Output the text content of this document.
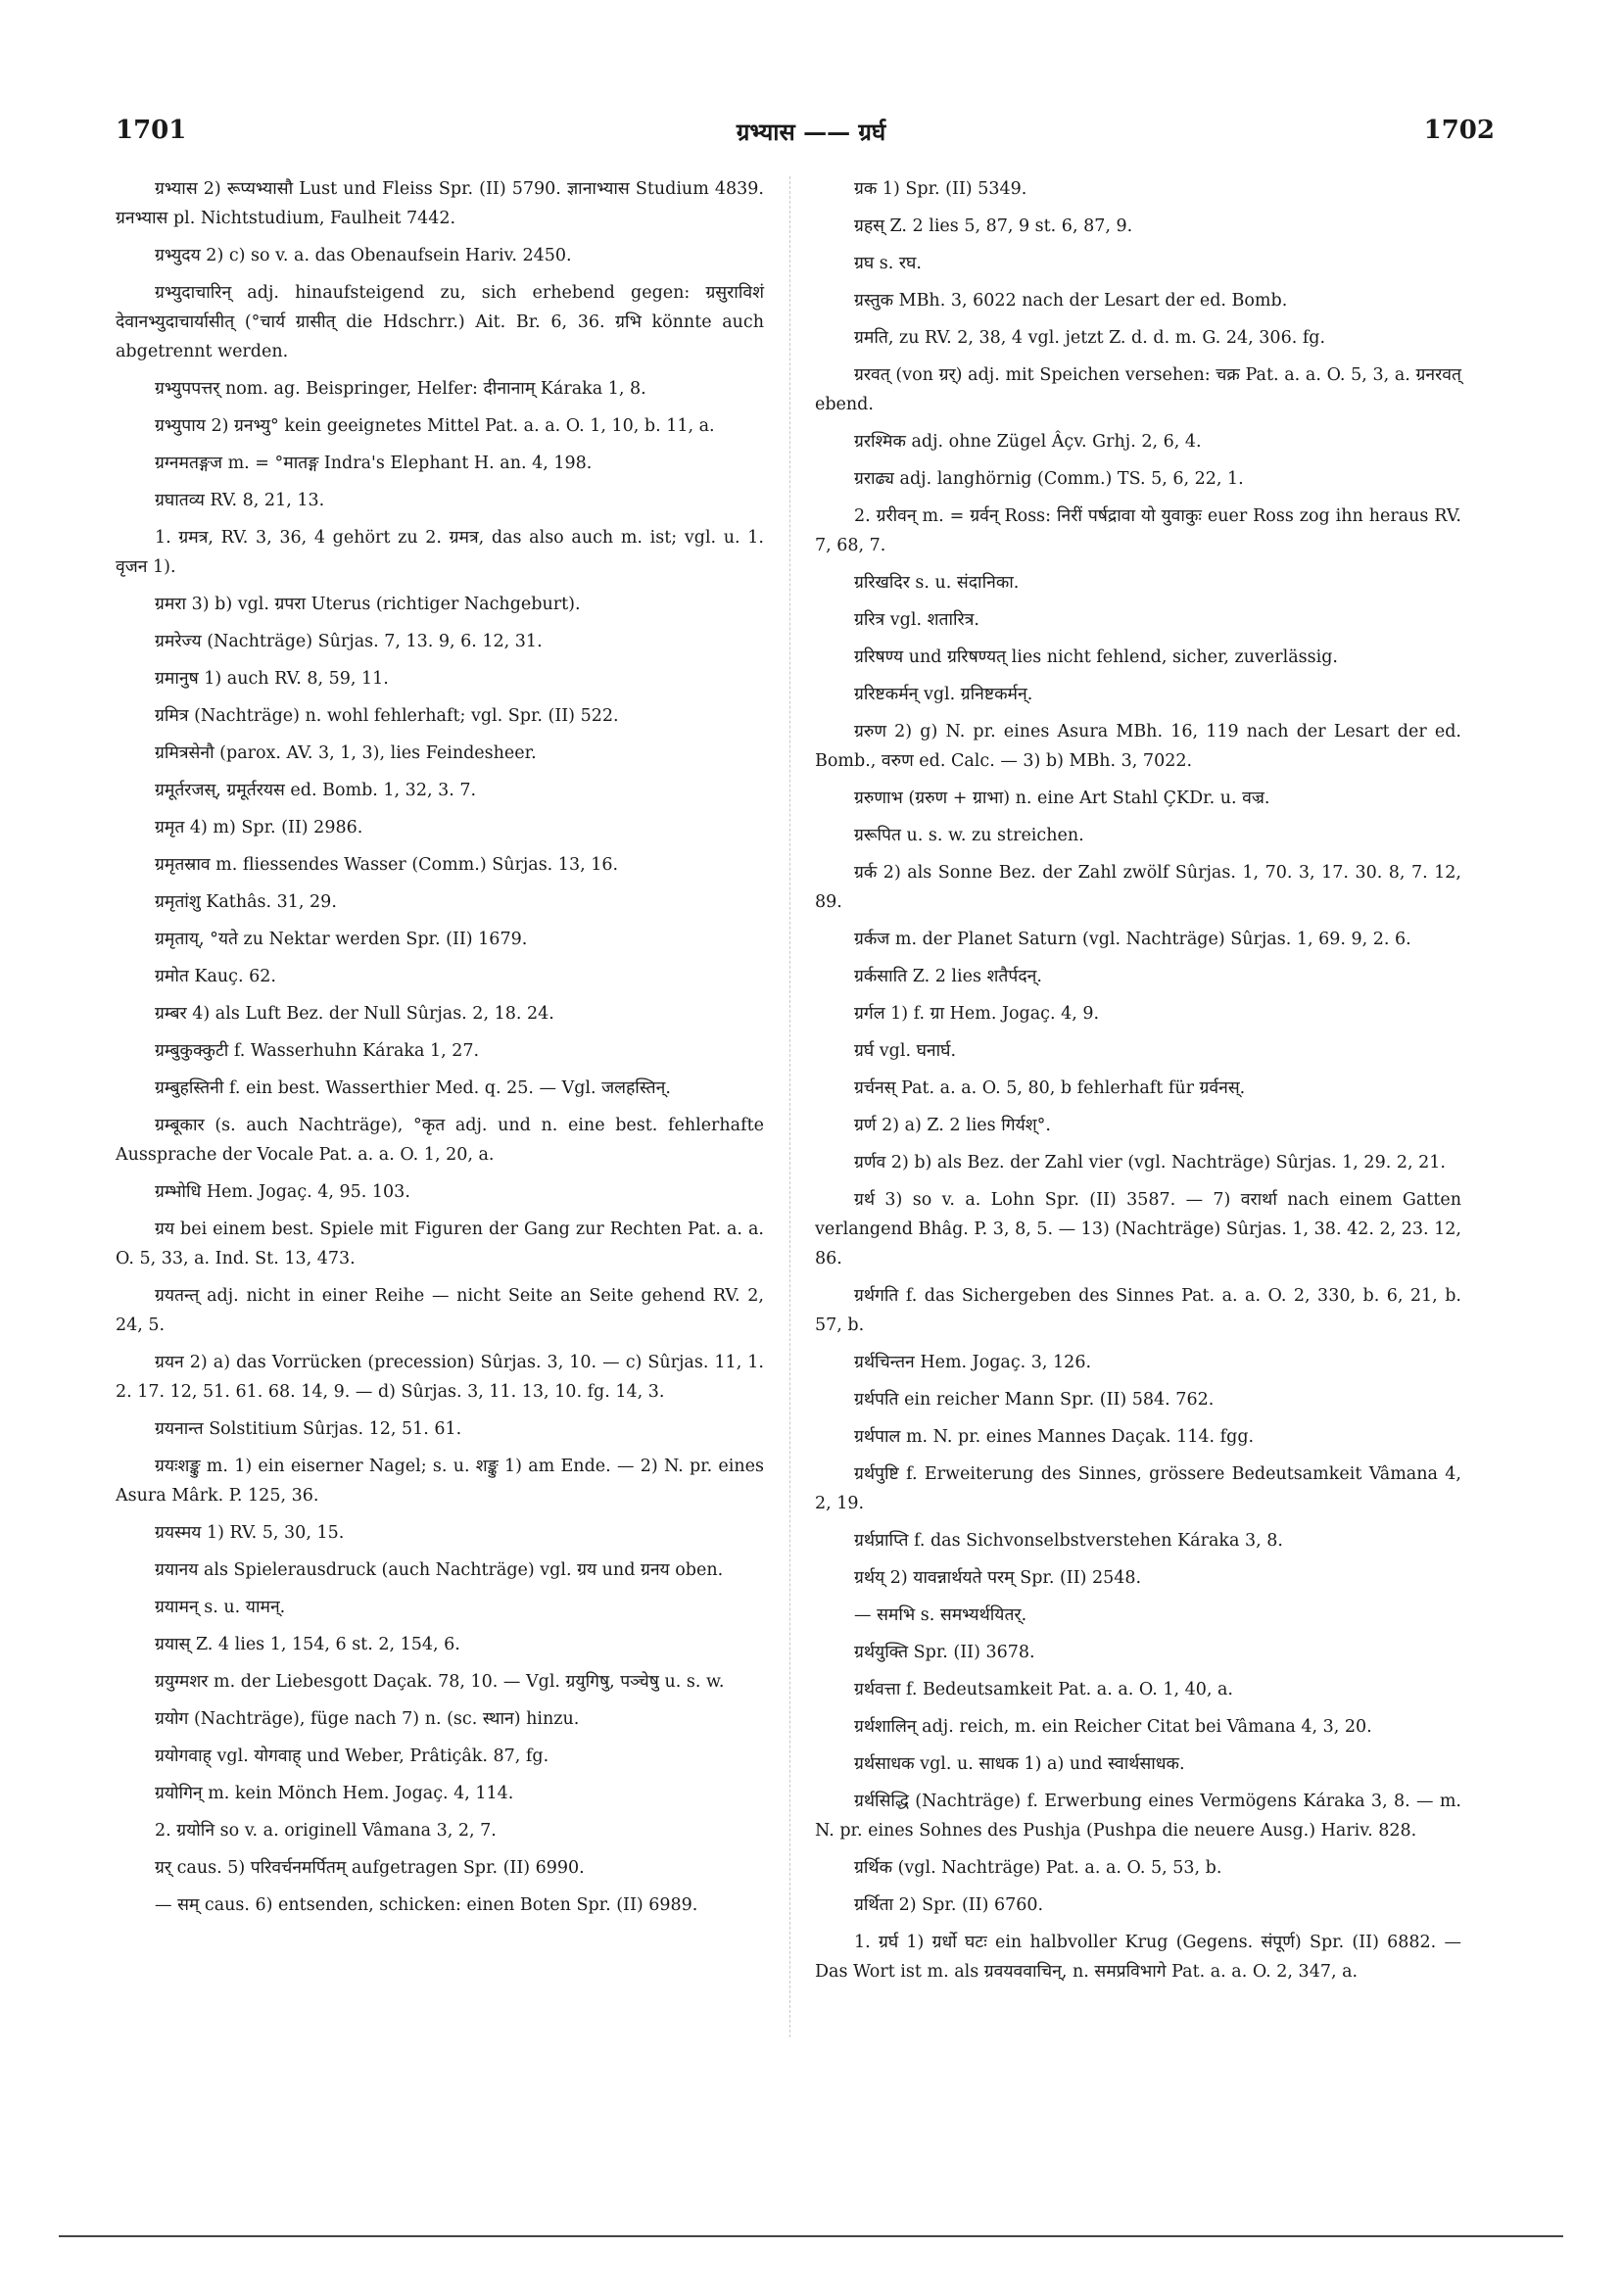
1701	ग्रभ्यास —— ग्रर्घ	1702

ग्रभ्यास 2) रूप्यभ्यासौ Lust und Fleiss Spr. (II) 5790. ज्ञानाभ्यास Studium 4839. ग्रनभ्यास pl. Nichtstudium, Faulheit 7442.

ग्रभ्युदय 2) c) so v. a. das Obenaufsein Hariv. 2450.

ग्रभ्युदाचारिन् adj. hinaufsteigend zu, sich erhebend gegen: ग्रसुराविशं देवानभ्युदाचार्यासीत् (°चार्य ग्रासीत् die Hdschrr.) Ait. Br. 6, 36. ग्रभि könnte auch abgetrennt werden.

ग्रभ्युपपत्तर् nom. ag. Beispringer, Helfer: दीनानाम् Káraka 1, 8.

ग्रभ्युपाय 2) ग्रनभ्यु° kein geeignetes Mittel Pat. a. a. O. 1, 10, b. 11, a.

ग्रग्नमतङ्गज m. = °मातङ्ग Indra's Elephant H. an. 4, 198.

ग्रघातव्य RV. 8, 21, 13.

1. ग्रमत्र, RV. 3, 36, 4 gehört zu 2. ग्रमत्र, das also auch m. ist; vgl. u. 1. वृजन 1).

ग्रमरा 3) b) vgl. ग्रपरा Uterus (richtiger Nachgeburt).

ग्रमरेज्य (Nachträge) Sûrjas. 7, 13. 9, 6. 12, 31.

ग्रमानुष 1) auch RV. 8, 59, 11.

ग्रमित्र (Nachträge) n. wohl fehlerhaft; vgl. Spr. (II) 522.

ग्रमित्रसेनौ (parox. AV. 3, 1, 3), lies Feindesheer.

ग्रमूर्तरजस्, ग्रमूर्तरयस ed. Bomb. 1, 32, 3. 7.

ग्रमृत 4) m) Spr. (II) 2986.

ग्रमृतस्राव m. fliessendes Wasser (Comm.) Sûrjas. 13, 16.

ग्रमृतांशु Kathâs. 31, 29.

ग्रमृताय्, °यते zu Nektar werden Spr. (II) 1679.

ग्रमोत Kauç. 62.

ग्रम्बर 4) als Luft Bez. der Null Sûrjas. 2, 18. 24.

ग्रम्बुकुक्कुटी f. Wasserhuhn Káraka 1, 27.

ग्रम्बुहस्तिनी f. ein best. Wasserthier Med. q. 25. — Vgl. जलहस्तिन्.

ग्रम्बूकार (s. auch Nachträge), °कृत adj. und n. eine best. fehlerhafte Aussprache der Vocale Pat. a. a. O. 1, 20, a.

ग्रम्भोधि Hem. Jogaç. 4, 95. 103.

ग्रय bei einem best. Spiele mit Figuren der Gang zur Rechten Pat. a. a. O. 5, 33, a. Ind. St. 13, 473.

ग्रयतन्त् adj. nicht in einer Reihe — nicht Seite an Seite gehend RV. 2, 24, 5.

ग्रयन 2) a) das Vorrücken (precession) Sûrjas. 3, 10. — c) Sûrjas. 11, 1. 2. 17. 12, 51. 61. 68. 14, 9. — d) Sûrjas. 3, 11. 13, 10. fg. 14, 3.

ग्रयनान्त Solstitium Sûrjas. 12, 51. 61.

ग्रयःशङ्कु m. 1) ein eiserner Nagel; s. u. शङ्कु 1) am Ende. — 2) N. pr. eines Asura Mârk. P. 125, 36.

ग्रयस्मय 1) RV. 5, 30, 15.

ग्रयानय als Spielerausdruck (auch Nachträge) vgl. ग्रय und ग्रनय oben.

ग्रयामन् s. u. यामन्.

ग्रयास् Z. 4 lies 1, 154, 6 st. 2, 154, 6.

ग्रयुग्मशर m. der Liebesgott Daçak. 78, 10. — Vgl. ग्रयुगिषु, पञ्चेषु u. s. w.

ग्रयोग (Nachträge), füge nach 7) n. (sc. स्थान) hinzu.

ग्रयोगवाह् vgl. योगवाह् und Weber, Prâtiçâk. 87, fg.

ग्रयोगिन् m. kein Mönch Hem. Jogaç. 4, 114.

2. ग्रयोनि so v. a. originell Vâmana 3, 2, 7.

ग्रर् caus. 5) परिवर्चनमर्पितम् aufgetragen Spr. (II) 6990.

— सम् caus. 6) entsenden, schicken: einen Boten Spr. (II) 6989.

ग्रक 1) Spr. (II) 5349.

ग्रहस् Z. 2 lies 5, 87, 9 st. 6, 87, 9.

ग्रघ s. रघ.

ग्रस्तुक MBh. 3, 6022 nach der Lesart der ed. Bomb.

ग्रमति, zu RV. 2, 38, 4 vgl. jetzt Z. d. d. m. G. 24, 306. fg.

ग्ररवत् (von ग्रर्) adj. mit Speichen versehen: चक्र Pat. a. a. O. 5, 3, a. ग्रनरवत् ebend.

ग्ररश्मिक adj. ohne Zügel Âçv. Grhj. 2, 6, 4.

ग्रराढ्य adj. langhörnig (Comm.) TS. 5, 6, 22, 1.

2. ग्ररीवन् m. = ग्रर्वन् Ross: निरीं पर्षद्रावा यो युवाकुः euer Ross zog ihn heraus RV. 7, 68, 7.

ग्ररिखदिर s. u. संदानिका.

ग्ररित्र vgl. शतारित्र.

ग्ररिषण्य und ग्ररिषण्यत् lies nicht fehlend, sicher, zuverlässig.

ग्ररिष्टकर्मन् vgl. ग्रनिष्टकर्मन्.

ग्ररुण 2) g) N. pr. eines Asura MBh. 16, 119 nach der Lesart der ed. Bomb., वरुण ed. Calc. — 3) b) MBh. 3, 7022.

ग्ररुणाभ (ग्ररुण + ग्राभा) n. eine Art Stahl ÇKDr. u. वज्र.

ग्ररूपित u. s. w. zu streichen.

ग्रर्क 2) als Sonne Bez. der Zahl zwölf Sûrjas. 1, 70. 3, 17. 30. 8, 7. 12, 89.

ग्रर्कज m. der Planet Saturn (vgl. Nachträge) Sûrjas. 1, 69. 9, 2. 6.

ग्रर्कसाति Z. 2 lies शतैर्पदन्.

ग्रर्गल 1) f. ग्रा Hem. Jogaç. 4, 9.

ग्रर्घ vgl. घनार्घ.

ग्रर्चनस् Pat. a. a. O. 5, 80, b fehlerhaft für ग्रर्वनस्.

ग्रर्ण 2) a) Z. 2 lies गिर्यश्°.

ग्रर्णव 2) b) als Bez. der Zahl vier (vgl. Nachträge) Sûrjas. 1, 29. 2, 21.

ग्रर्थ 3) so v. a. Lohn Spr. (II) 3587. — 7) वरार्था nach einem Gatten verlangend Bhâg. P. 3, 8, 5. — 13) (Nachträge) Sûrjas. 1, 38. 42. 2, 23. 12, 86.

ग्रर्थगति f. das Sichergeben des Sinnes Pat. a. a. O. 2, 330, b. 6, 21, b. 57, b.

ग्रर्थचिन्तन Hem. Jogaç. 3, 126.

ग्रर्थपति ein reicher Mann Spr. (II) 584. 762.

ग्रर्थपाल m. N. pr. eines Mannes Daçak. 114. fgg.

ग्रर्थपुष्टि f. Erweiterung des Sinnes, grössere Bedeutsamkeit Vâmana 4, 2, 19.

ग्रर्थप्राप्ति f. das Sichvonselbstverstehen Káraka 3, 8.

ग्रर्थय् 2) यावन्नार्थयते परम् Spr. (II) 2548.

— समभि s. समभ्यर्थयितर्.

ग्रर्थयुक्ति Spr. (II) 3678.

ग्रर्थवत्ता f. Bedeutsamkeit Pat. a. a. O. 1, 40, a.

ग्रर्थशालिन् adj. reich, m. ein Reicher Citat bei Vâmana 4, 3, 20.

ग्रर्थसाधक vgl. u. साधक 1) a) und स्वार्थसाधक.

ग्रर्थसिद्धि (Nachträge) f. Erwerbung eines Vermögens Káraka 3, 8. — m. N. pr. eines Sohnes des Pushja (Pushpa die neuere Ausg.) Hariv. 828.

ग्रर्थिक (vgl. Nachträge) Pat. a. a. O. 5, 53, b.

ग्रर्थिता 2) Spr. (II) 6760.

1. ग्रर्घ 1) ग्रर्धो घटः ein halbvoller Krug (Gegens. संपूर्ण) Spr. (II) 6882. — Das Wort ist m. als ग्रवयववाचिन्, n. समप्रविभागे Pat. a. a. O. 2, 347, a.
